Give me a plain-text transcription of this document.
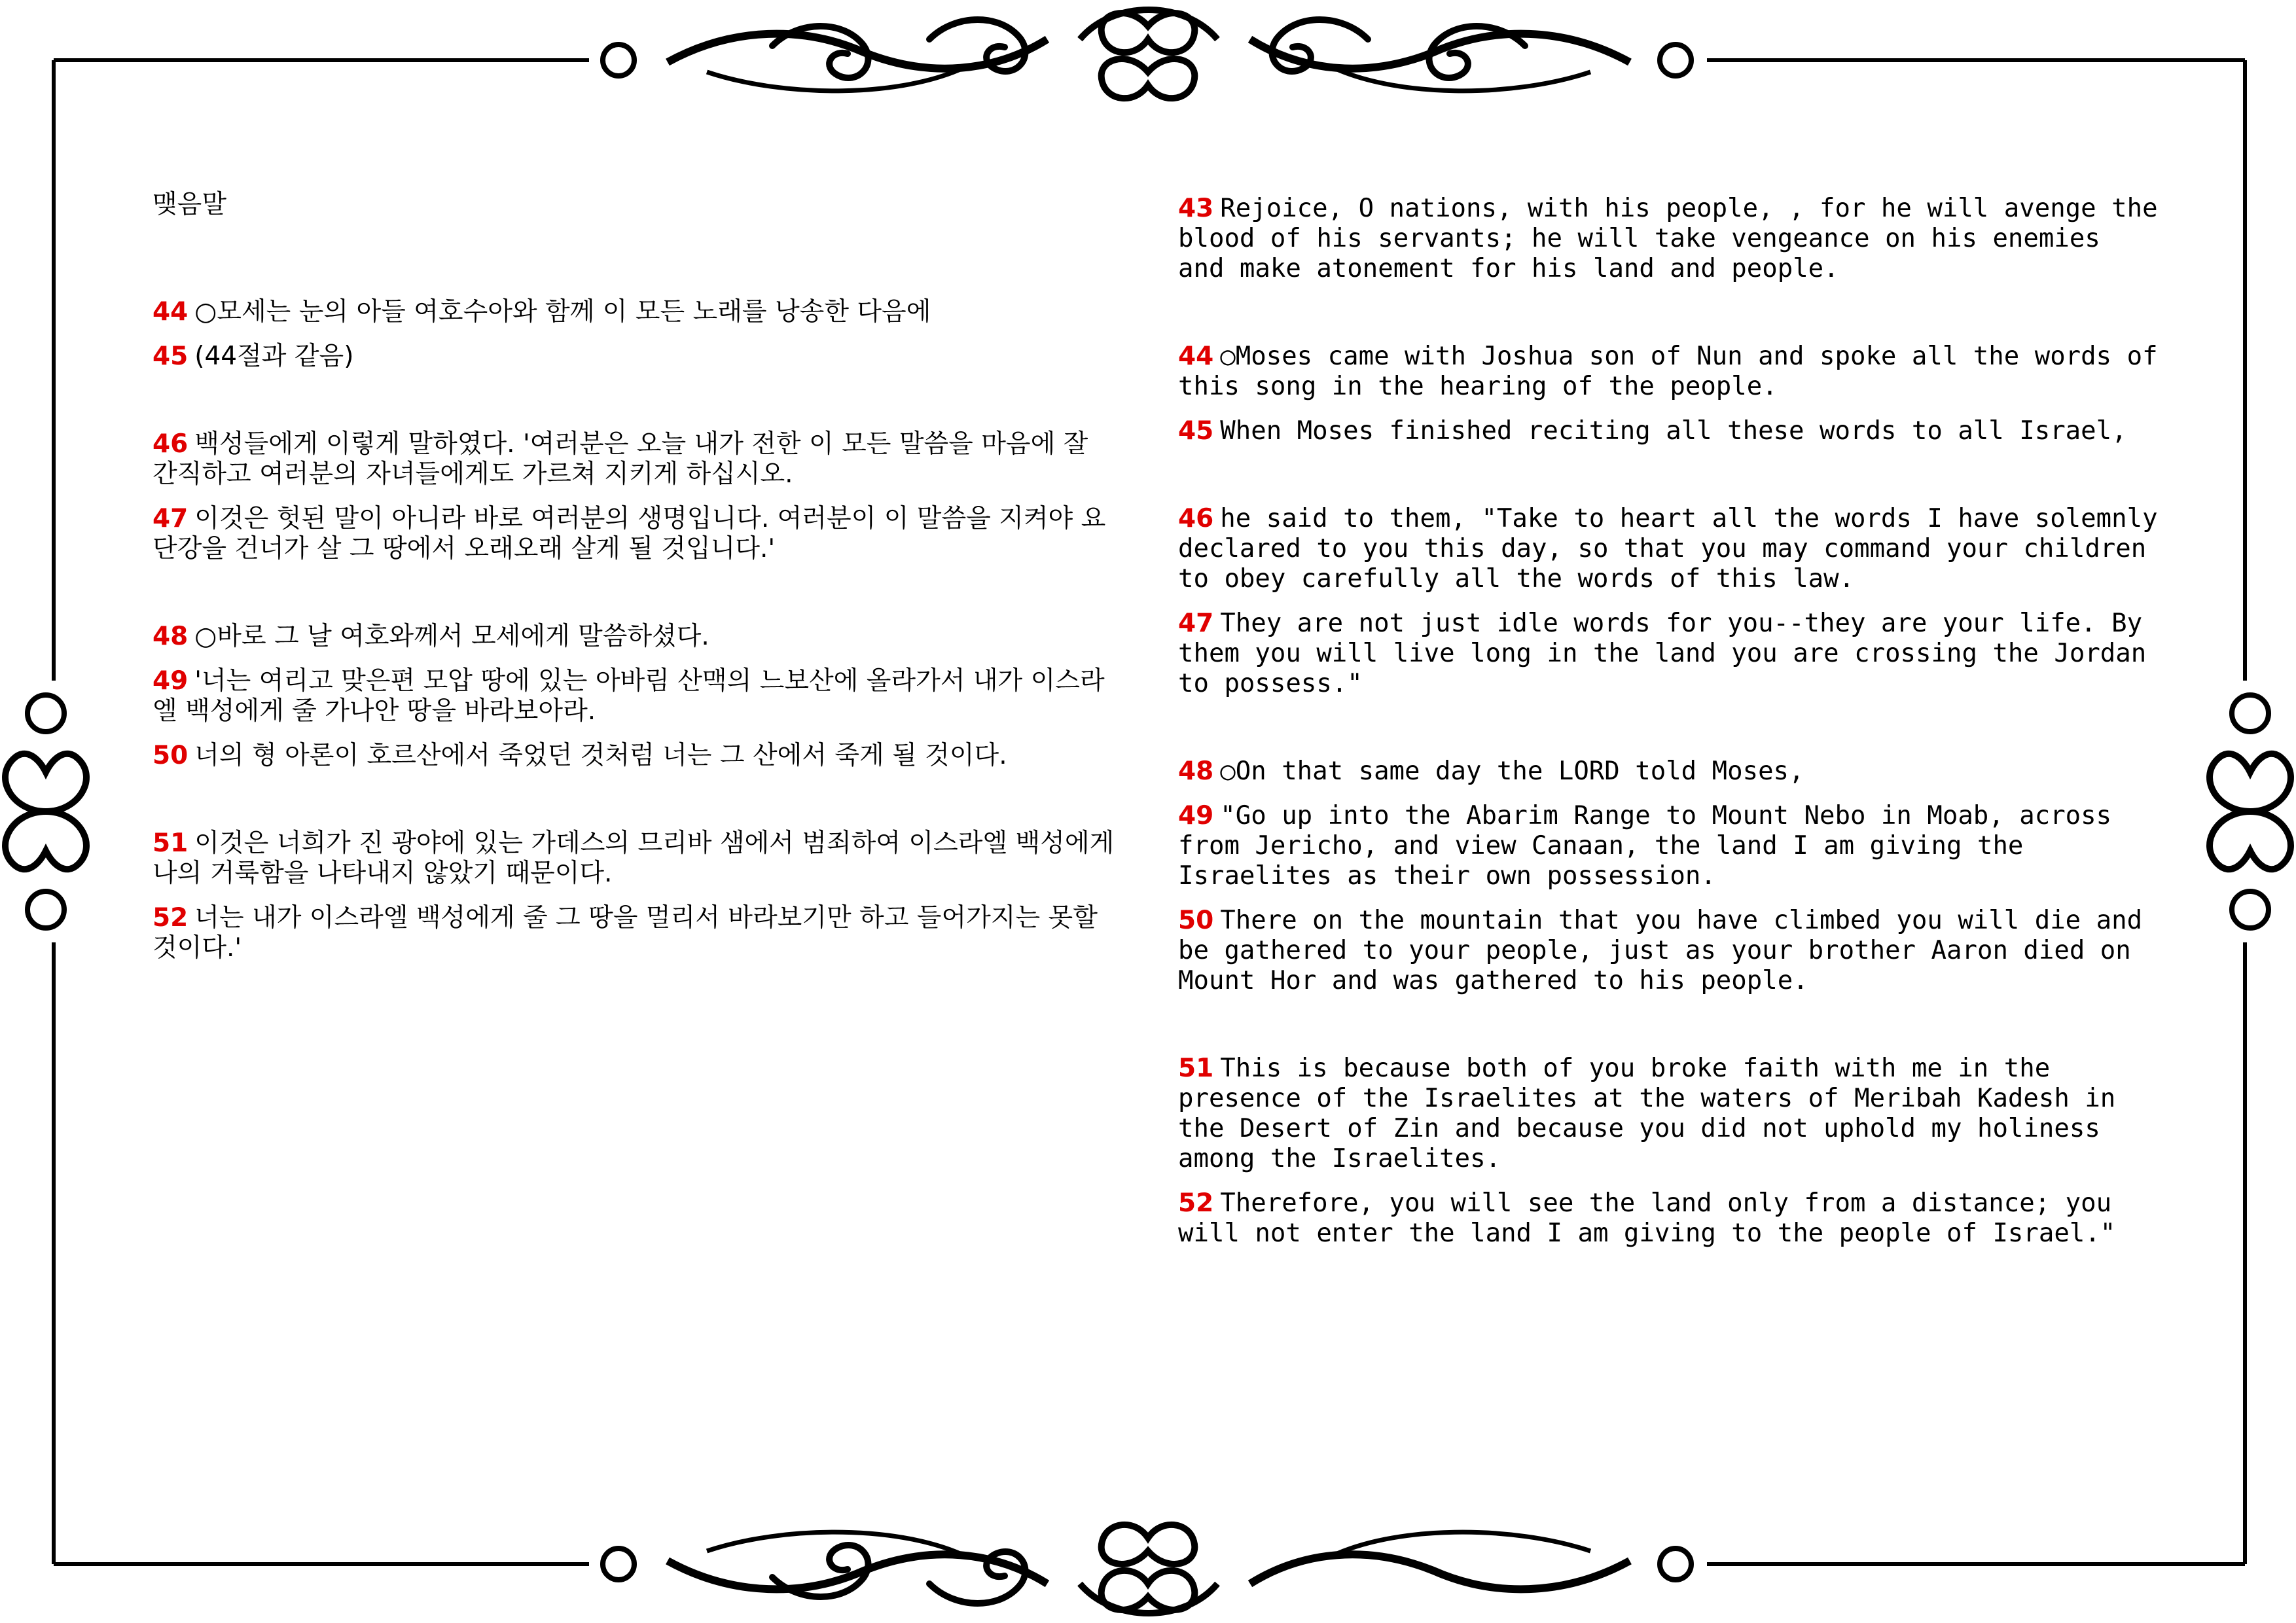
맺음말

44 ○모세는 눈의 아들 여호수아와 함께 이 모든 노래를 낭송한 다음에

45 (44절과 같음)

46 백성들에게 이렇게 말하였다. '여러분은 오늘 내가 전한 이 모든 말씀을 마음에 잘 간직하고 여러분의 자녀들에게도 가르쳐 지키게 하십시오.

47 이것은 헛된 말이 아니라 바로 여러분의 생명입니다. 여러분이 이 말씀을 지켜야 요단강을 건너가 살 그 땅에서 오래오래 살게 될 것입니다.'

48 ○바로 그 날 여호와께서 모세에게 말씀하셨다.

49 '너는 여리고 맞은편 모압 땅에 있는 아바림 산맥의 느보산에 올라가서 내가 이스라엘 백성에게 줄 가나안 땅을 바라보아라.

50 너의 형 아론이 호르산에서 죽었던 것처럼 너는 그 산에서 죽게 될 것이다.

51 이것은 너희가 진 광야에 있는 가데스의 므리바 샘에서 범죄하여 이스라엘 백성에게 나의 거룩함을 나타내지 않았기 때문이다.

52 너는 내가 이스라엘 백성에게 줄 그 땅을 멀리서 바라보기만 하고 들어가지는 못할 것이다.'

43 Rejoice, O nations, with his people, , for he will avenge the blood of his servants; he will take vengeance on his enemies and make atonement for his land and people.

44 ○Moses came with Joshua son of Nun and spoke all the words of this song in the hearing of the people.

45 When Moses finished reciting all these words to all Israel,

46 he said to them, "Take to heart all the words I have solemnly declared to you this day, so that you may command your children to obey carefully all the words of this law.

47 They are not just idle words for you--they are your life. By them you will live long in the land you are crossing the Jordan to possess."

48 ○On that same day the LORD told Moses,

49 "Go up into the Abarim Range to Mount Nebo in Moab, across from Jericho, and view Canaan, the land I am giving the Israelites as their own possession.

50 There on the mountain that you have climbed you will die and be gathered to your people, just as your brother Aaron died on Mount Hor and was gathered to his people.

51 This is because both of you broke faith with me in the presence of the Israelites at the waters of Meribah Kadesh in the Desert of Zin and because you did not uphold my holiness among the Israelites.

52 Therefore, you will see the land only from a distance; you will not enter the land I am giving to the people of Israel."
